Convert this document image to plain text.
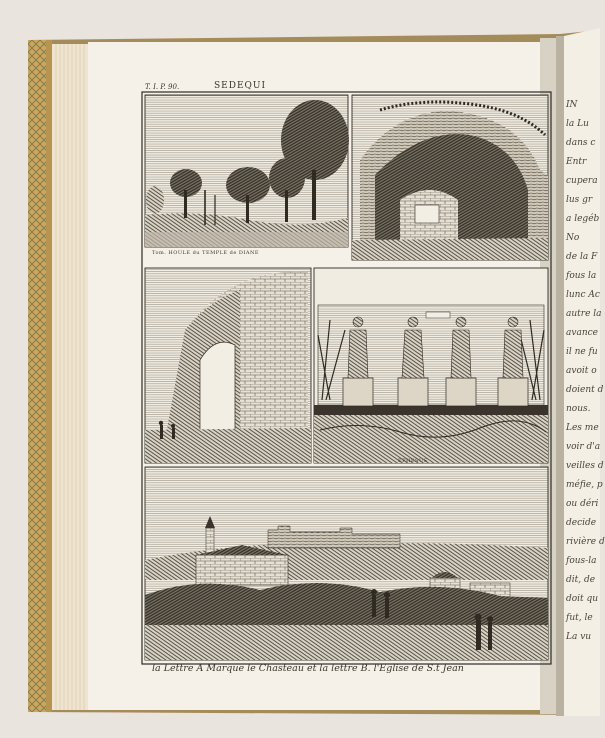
T. I. P. 90.	SEDEQUI
Tom. HOULE du TEMPLE de DIANE
EPHESUS
la Lettre A Marque le Chasteau et la lettre B. l'Eglise de S.t Jean
IN
la Lu
dans c
Entr
cupera
lus gr
a legéb
No
de la F
fous la
lunc Ac
autre la
avance
il ne fu
avoit o
doient d
nous.
Les me
voir d'a
veilles d
méfie, p
ou déri
decide
rivière d
fous-la
dit, de
doit qu
fut, le
La vu
